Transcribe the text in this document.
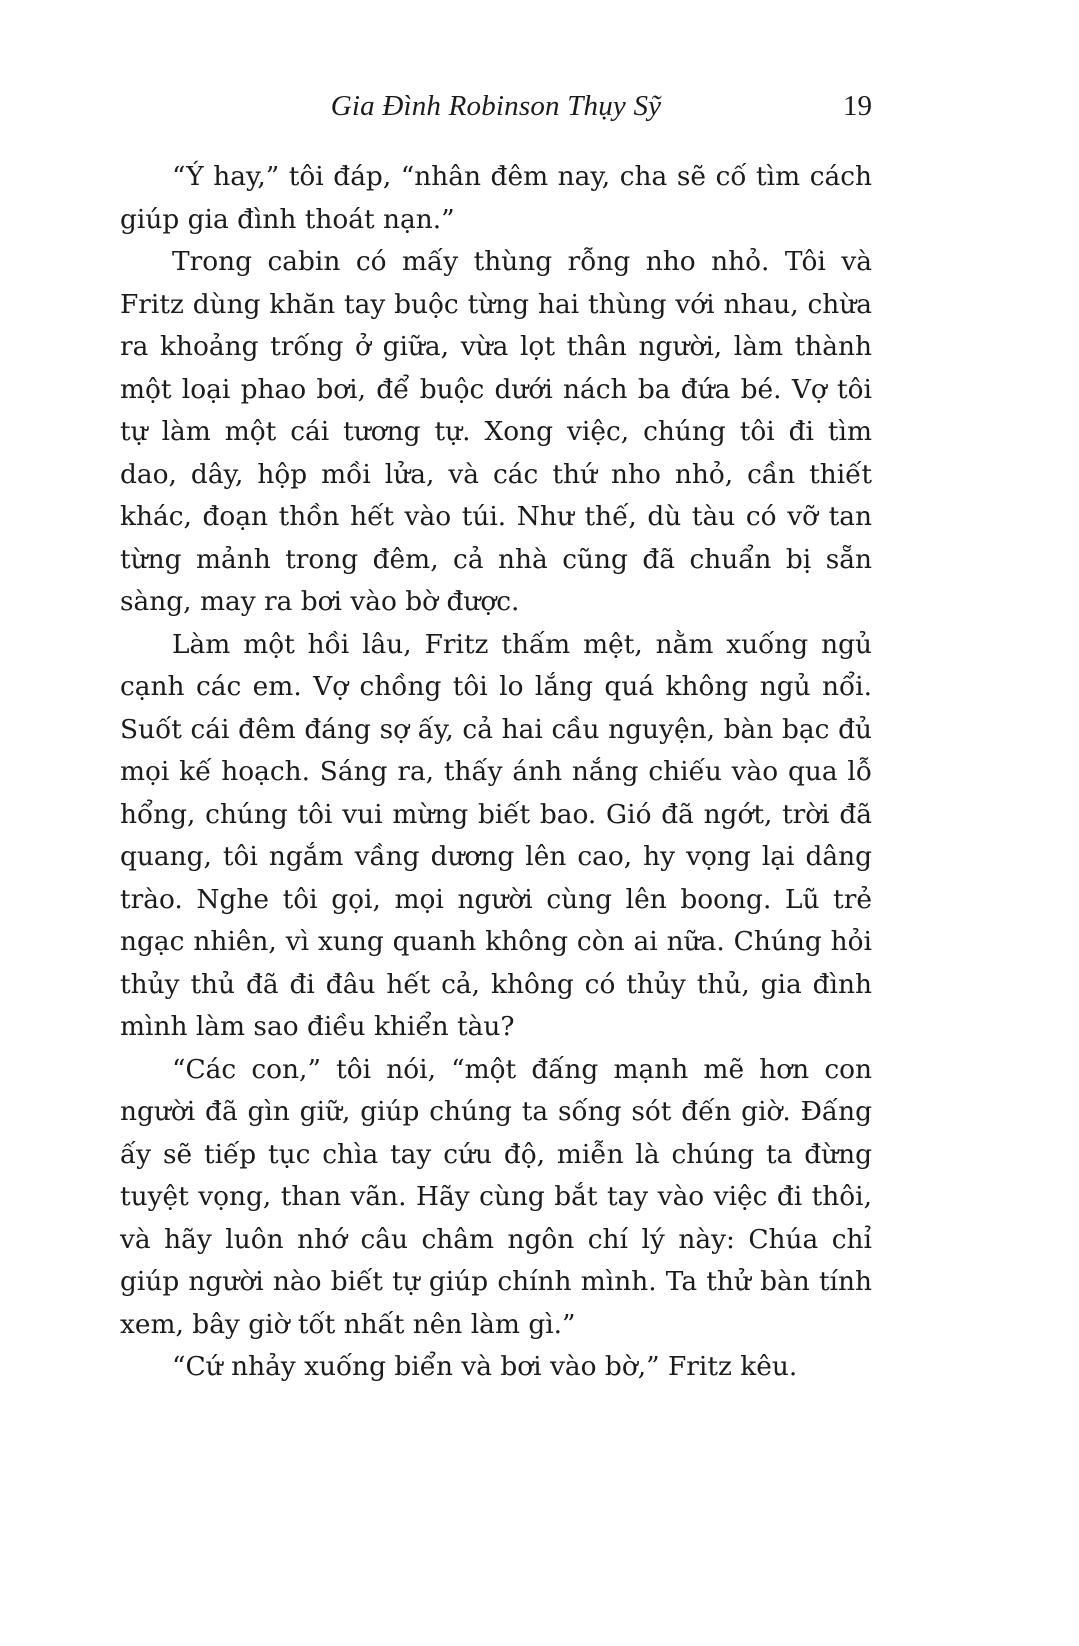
Gia Đình Robinson Thụy Sỹ	19

“Ý hay,” tôi đáp, “nhân đêm nay, cha sẽ cố tìm cách giúp gia đình thoát nạn.”

Trong cabin có mấy thùng rỗng nho nhỏ. Tôi và Fritz dùng khăn tay buộc từng hai thùng với nhau, chừa ra khoảng trống ở giữa, vừa lọt thân người, làm thành một loại phao bơi, để buộc dưới nách ba đứa bé. Vợ tôi tự làm một cái tương tự. Xong việc, chúng tôi đi tìm dao, dây, hộp mồi lửa, và các thứ nho nhỏ, cần thiết khác, đoạn thồn hết vào túi. Như thế, dù tàu có vỡ tan từng mảnh trong đêm, cả nhà cũng đã chuẩn bị sẵn sàng, may ra bơi vào bờ được.

Làm một hồi lâu, Fritz thấm mệt, nằm xuống ngủ cạnh các em. Vợ chồng tôi lo lắng quá không ngủ nổi. Suốt cái đêm đáng sợ ấy, cả hai cầu nguyện, bàn bạc đủ mọi kế hoạch. Sáng ra, thấy ánh nắng chiếu vào qua lỗ hổng, chúng tôi vui mừng biết bao. Gió đã ngớt, trời đã quang, tôi ngắm vầng dương lên cao, hy vọng lại dâng trào. Nghe tôi gọi, mọi người cùng lên boong. Lũ trẻ ngạc nhiên, vì xung quanh không còn ai nữa. Chúng hỏi thủy thủ đã đi đâu hết cả, không có thủy thủ, gia đình mình làm sao điều khiển tàu?

“Các con,” tôi nói, “một đấng mạnh mẽ hơn con người đã gìn giữ, giúp chúng ta sống sót đến giờ. Đấng ấy sẽ tiếp tục chìa tay cứu độ, miễn là chúng ta đừng tuyệt vọng, than vãn. Hãy cùng bắt tay vào việc đi thôi, và hãy luôn nhớ câu châm ngôn chí lý này: Chúa chỉ giúp người nào biết tự giúp chính mình. Ta thử bàn tính xem, bây giờ tốt nhất nên làm gì.”

“Cứ nhảy xuống biển và bơi vào bờ,” Fritz kêu.
